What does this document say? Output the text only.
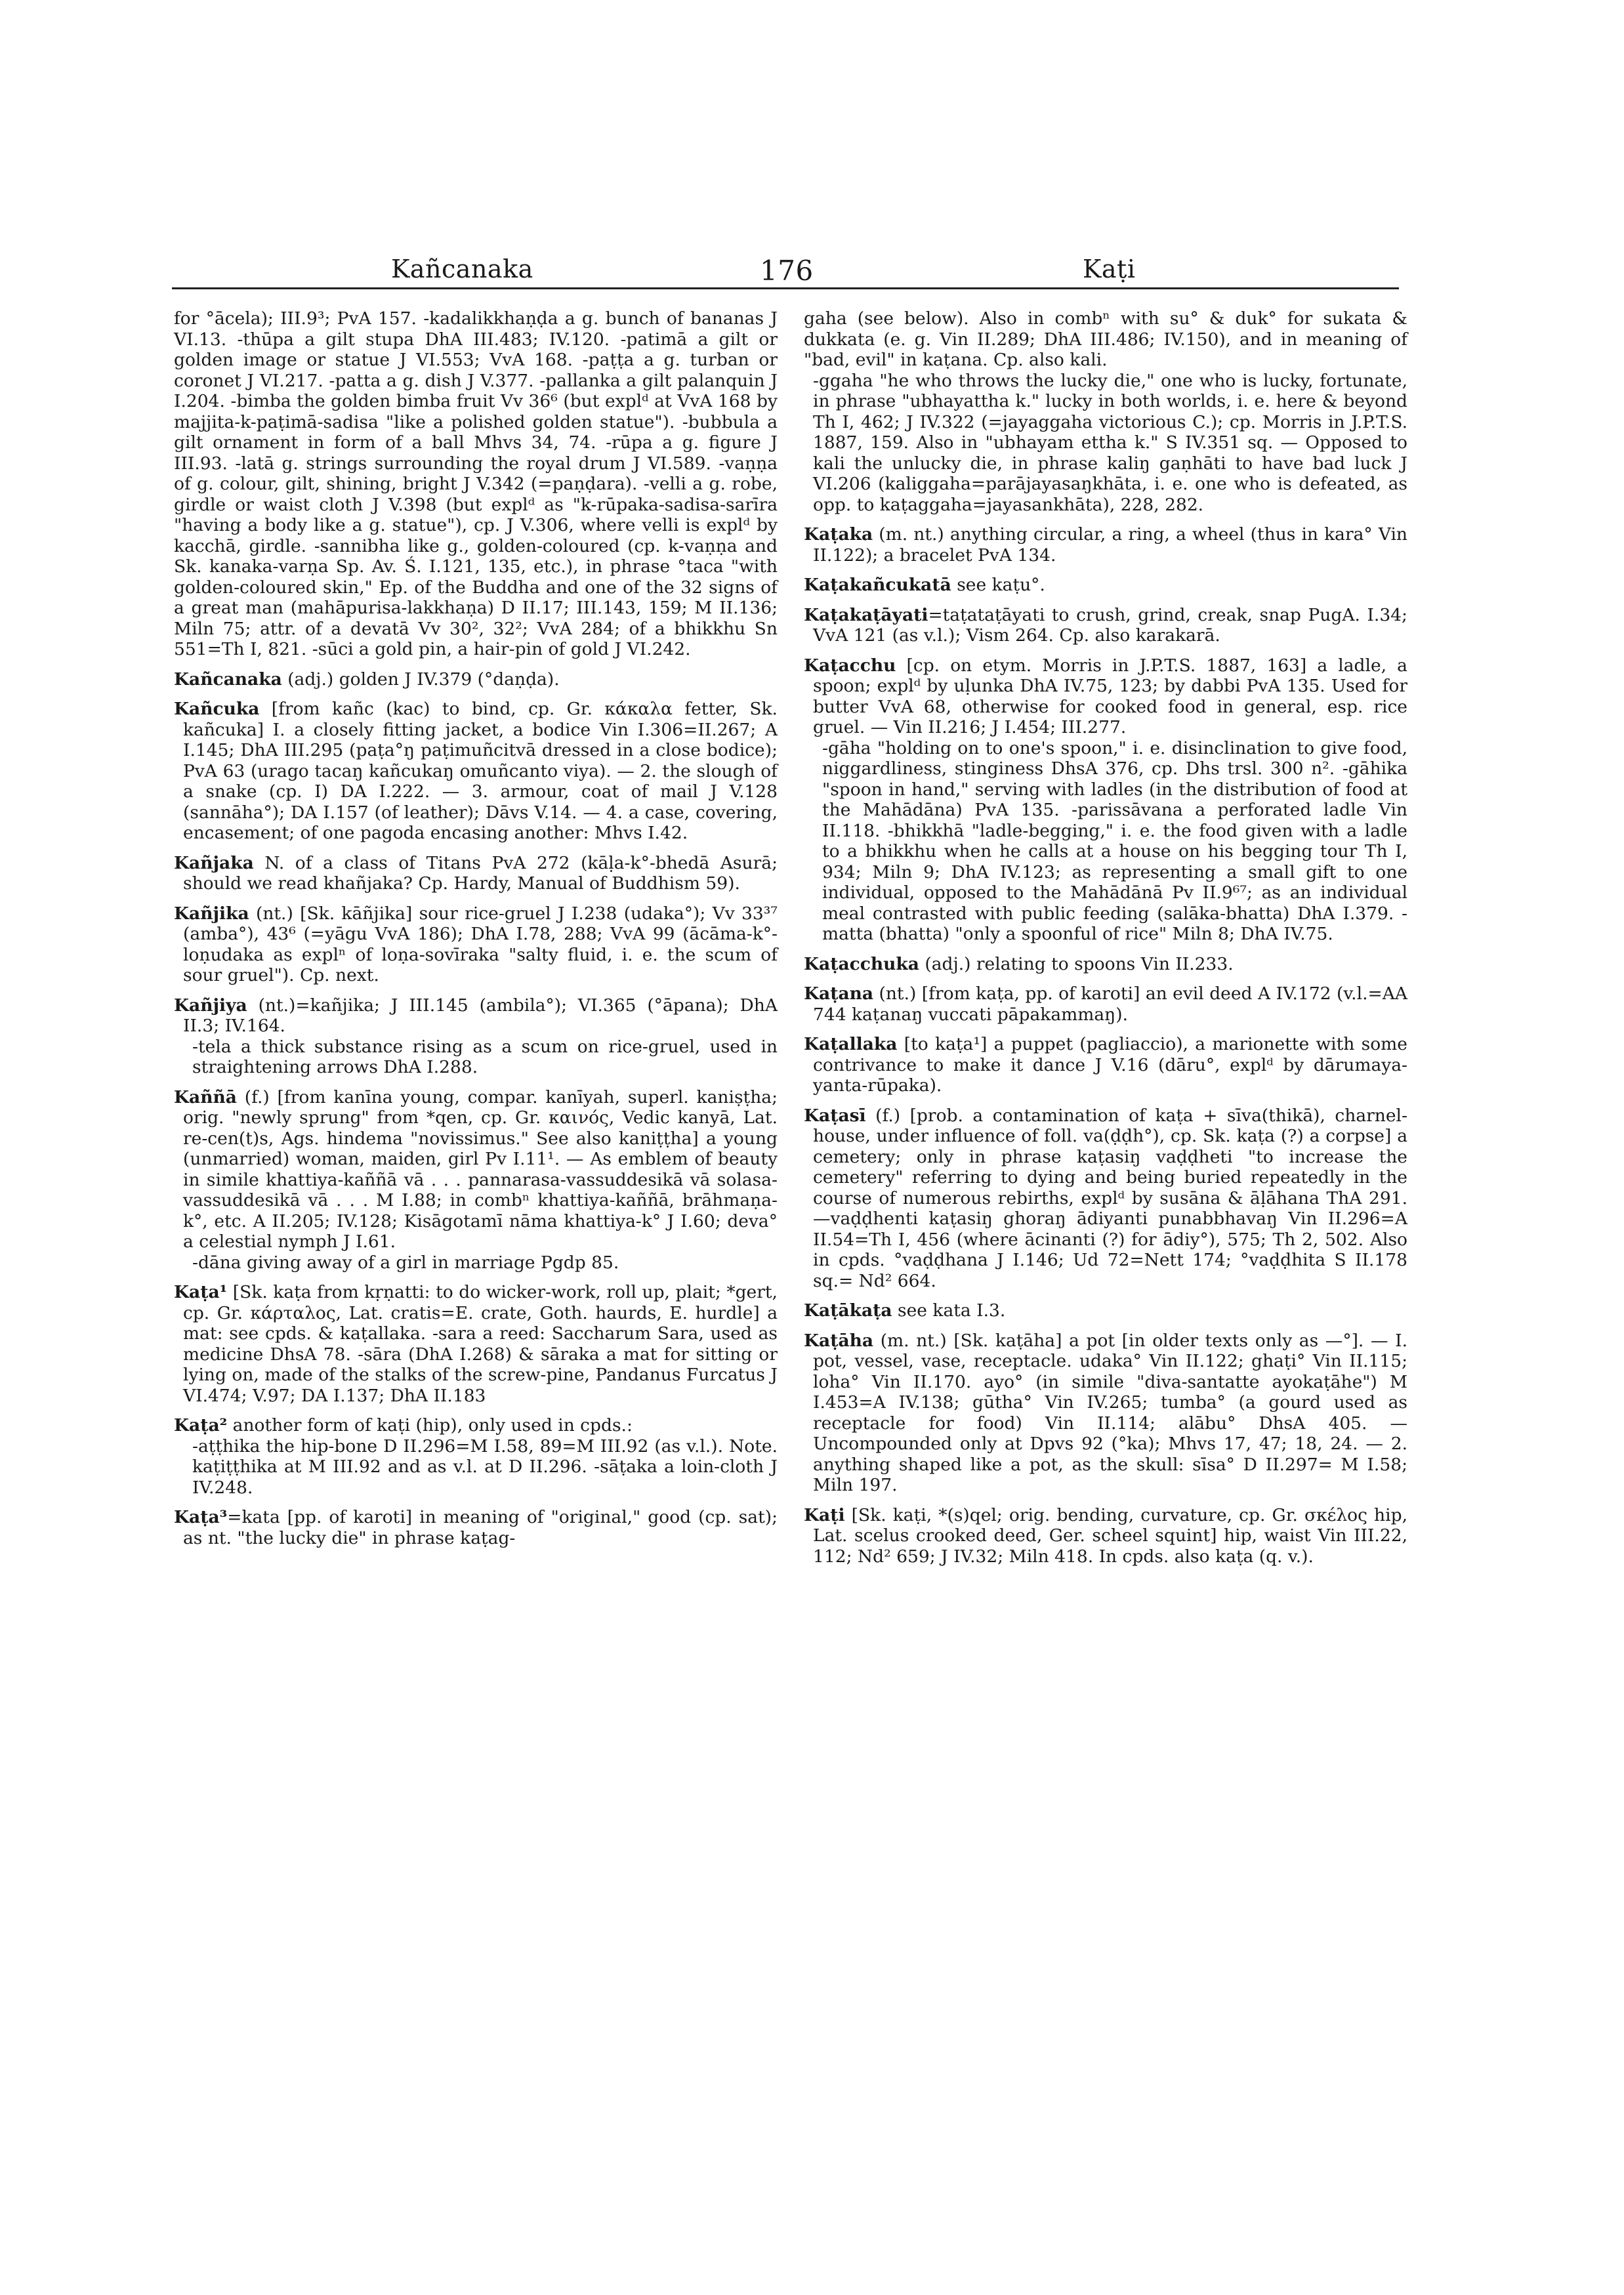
Kañcanaka	176	Kaṭi

for °ācela); III.9³; PvA 157. -kadalikkhaṇḍa a g. bunch of bananas J VI.13. -thūpa a gilt stupa DhA III.483; IV.120. -patimā a gilt or golden image or statue J VI.553; VvA 168. -paṭṭa a g. turban or coronet J VI.217. -patta a g. dish J V.377. -pallanka a gilt palanquin J I.204. -bimba the golden bimba fruit Vv 36⁶ (but explᵈ at VvA 168 by majjita-k-paṭimā-sadisa "like a polished golden statue"). -bubbula a gilt ornament in form of a ball Mhvs 34, 74. -rūpa a g. figure J III.93. -latā g. strings surrounding the royal drum J VI.589. -vaṇṇa of g. colour, gilt, shining, bright J V.342 (=paṇḍara). -velli a g. robe, girdle or waist cloth J V.398 (but explᵈ as "k-rūpaka-sadisa-sarīra "having a body like a g. statue"), cp. J V.306, where velli is explᵈ by kacchā, girdle. -sannibha like g., golden-coloured (cp. k-vaṇṇa and Sk. kanaka-varṇa Sp. Av. Ś. I.121, 135, etc.), in phrase °taca "with golden-coloured skin," Ep. of the Buddha and one of the 32 signs of a great man (mahāpurisa-lakkhaṇa) D II.17; III.143, 159; M II.136; Miln 75; attr. of a devatā Vv 30², 32²; VvA 284; of a bhikkhu Sn 551=Th I, 821. -sūci a gold pin, a hair-pin of gold J VI.242.

Kañcanaka (adj.) golden J IV.379 (°daṇḍa).

Kañcuka [from kañc (kac) to bind, cp. Gr. κάκαλα fetter, Sk. kañcuka] I. a closely fitting jacket, a bodice Vin I.306=II.267; A I.145; DhA III.295 (paṭa°ŋ paṭimuñcitvā dressed in a close bodice); PvA 63 (urago tacaŋ kañcukaŋ omuñcanto viya). — 2. the slough of a snake (cp. I) DA I.222. — 3. armour, coat of mail J V.128 (sannāha°); DA I.157 (of leather); Dāvs V.14. — 4. a case, covering, encasement; of one pagoda encasing another: Mhvs I.42.

Kañjaka N. of a class of Titans PvA 272 (kāḷa-k°-bhedā Asurā; should we read khañjaka? Cp. Hardy, Manual of Buddhism 59).

Kañjika (nt.) [Sk. kāñjika] sour rice-gruel J I.238 (udaka°); Vv 33³⁷ (amba°), 43⁶ (=yāgu VvA 186); DhA I.78, 288; VvA 99 (ācāma-k°-loṇudaka as explⁿ of loṇa-sovīraka "salty fluid, i. e. the scum of sour gruel"). Cp. next.

Kañjiya (nt.)=kañjika; J III.145 (ambila°); VI.365 (°āpana); DhA II.3; IV.164.

-tela a thick substance rising as a scum on rice-gruel, used in straightening arrows DhA I.288.

Kaññā (f.) [from kanīna young, compar. kanīyah, superl. kaniṣṭha; orig. "newly sprung" from *qen, cp. Gr. καινός, Vedic kanyā, Lat. re-cen(t)s, Ags. hindema "novissimus." See also kaniṭṭha] a young (unmarried) woman, maiden, girl Pv I.11¹. — As emblem of beauty in simile khattiya-kaññā vā . . . pannarasa-vassuddesikā vā solasa-vassuddesikā vā . . . M I.88; in combⁿ khattiya-kaññā, brāhmaṇa-k°, etc. A II.205; IV.128; Kisāgotamī nāma khattiya-k° J I.60; deva° a celestial nymph J I.61.

-dāna giving away of a girl in marriage Pgdp 85.

Kaṭa¹ [Sk. kaṭa from kṛṇatti: to do wicker-work, roll up, plait; *gert, cp. Gr. κάρταλος, Lat. cratis=E. crate, Goth. haurds, E. hurdle] a mat: see cpds. & kaṭallaka. -sara a reed: Saccharum Sara, used as medicine DhsA 78. -sāra (DhA I.268) & sāraka a mat for sitting or lying on, made of the stalks of the screw-pine, Pandanus Furcatus J VI.474; V.97; DA I.137; DhA II.183

Kaṭa² another form of kaṭi (hip), only used in cpds.:

-aṭṭhika the hip-bone D II.296=M I.58, 89=M III.92 (as v.l.). Note. kaṭiṭṭhika at M III.92 and as v.l. at D II.296. -sāṭaka a loin-cloth J IV.248.

Kaṭa³=kata [pp. of karoti] in meaning of "original," good (cp. sat); as nt. "the lucky die" in phrase kaṭag-

gaha (see below). Also in combⁿ with su° & duk° for sukata & dukkata (e. g. Vin II.289; DhA III.486; IV.150), and in meaning of "bad, evil" in kaṭana. Cp. also kali.

-ggaha "he who throws the lucky die," one who is lucky, fortunate, in phrase "ubhayattha k." lucky in both worlds, i. e. here & beyond Th I, 462; J IV.322 (=jayaggaha victorious C.); cp. Morris in J.P.T.S. 1887, 159. Also in "ubhayam ettha k." S IV.351 sq. — Opposed to kali the unlucky die, in phrase kaliŋ gaṇhāti to have bad luck J VI.206 (kaliggaha=parājayasaŋkhāta, i. e. one who is defeated, as opp. to kaṭaggaha=jayasankhāta), 228, 282.

Kaṭaka (m. nt.) anything circular, a ring, a wheel (thus in kara° Vin II.122); a bracelet PvA 134.

Kaṭakañcukatā see kaṭu°.

Kaṭakaṭāyati=taṭataṭāyati to crush, grind, creak, snap PugA. I.34; VvA 121 (as v.l.); Vism 264. Cp. also karakarā.

Kaṭacchu [cp. on etym. Morris in J.P.T.S. 1887, 163] a ladle, a spoon; explᵈ by uḷunka DhA IV.75, 123; by dabbi PvA 135. Used for butter VvA 68, otherwise for cooked food in general, esp. rice gruel. — Vin II.216; J I.454; III.277.

-gāha "holding on to one's spoon," i. e. disinclination to give food, niggardliness, stinginess DhsA 376, cp. Dhs trsl. 300 n². -gāhika "spoon in hand," serving with ladles (in the distribution of food at the Mahādāna) PvA 135. -parissāvana a perforated ladle Vin II.118. -bhikkhā "ladle-begging," i. e. the food given with a ladle to a bhikkhu when he calls at a house on his begging tour Th I, 934; Miln 9; DhA IV.123; as representing a small gift to one individual, opposed to the Mahādānā Pv II.9⁶⁷; as an individual meal contrasted with public feeding (salāka-bhatta) DhA I.379. -matta (bhatta) "only a spoonful of rice" Miln 8; DhA IV.75.

Kaṭacchuka (adj.) relating to spoons Vin II.233.

Kaṭana (nt.) [from kaṭa, pp. of karoti] an evil deed A IV.172 (v.l.=AA 744 kaṭanaŋ vuccati pāpakammaŋ).

Kaṭallaka [to kaṭa¹] a puppet (pagliaccio), a marionette with some contrivance to make it dance J V.16 (dāru°, explᵈ by dārumaya-yanta-rūpaka).

Kaṭasī (f.) [prob. a contamination of kaṭa + sīva(thikā), charnel-house, under influence of foll. va(ḍḍh°), cp. Sk. kaṭa (?) a corpse] a cemetery; only in phrase kaṭasiŋ vaḍḍheti "to increase the cemetery" referring to dying and being buried repeatedly in the course of numerous rebirths, explᵈ by susāna & āḷāhana ThA 291. —vaḍḍhenti kaṭasiŋ ghoraŋ ādiyanti punabbhavaŋ Vin II.296=A II.54=Th I, 456 (where ācinanti (?) for ādiy°), 575; Th 2, 502. Also in cpds. °vaḍḍhana J I.146; Ud 72=Nett 174; °vaḍḍhita S II.178 sq.= Nd² 664.

Kaṭākaṭa see kata I.3.

Kaṭāha (m. nt.) [Sk. kaṭāha] a pot [in older texts only as —°]. — I. pot, vessel, vase, receptacle. udaka° Vin II.122; ghaṭi° Vin II.115; loha° Vin II.170. ayo° (in simile "diva-santatte ayokaṭāhe") M I.453=A IV.138; gūtha° Vin IV.265; tumba° (a gourd used as receptacle for food) Vin II.114; alābu° DhsA 405. — Uncompounded only at Dpvs 92 (°ka); Mhvs 17, 47; 18, 24. — 2. anything shaped like a pot, as the skull: sīsa° D II.297= M I.58; Miln 197.

Kaṭi [Sk. kaṭi, *(s)qel; orig. bending, curvature, cp. Gr. σκέλος hip, Lat. scelus crooked deed, Ger. scheel squint] hip, waist Vin III.22, 112; Nd² 659; J IV.32; Miln 418. In cpds. also kaṭa (q. v.).
